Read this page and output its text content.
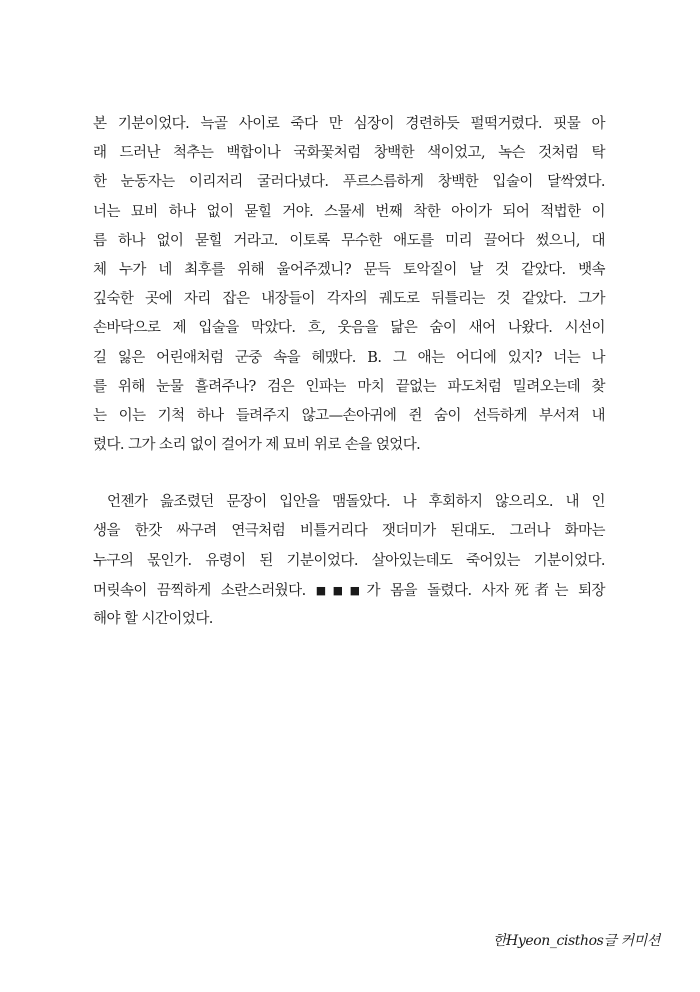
본 기분이었다. 늑골 사이로 죽다 만 심장이 경련하듯 펄떡거렸다. 핏물 아
래 드러난 척추는 백합이나 국화꽃처럼 창백한 색이었고, 녹슨 것처럼 탁
한 눈동자는 이리저리 굴러다녔다. 푸르스름하게 창백한 입술이 달싹였다.
너는 묘비 하나 없이 묻힐 거야. 스물세 번째 착한 아이가 되어 적법한 이
름 하나 없이 묻힐 거라고. 이토록 무수한 애도를 미리 끌어다 썼으니, 대
체 누가 네 최후를 위해 울어주겠니? 문득 토악질이 날 것 같았다. 뱃속
깊숙한 곳에 자리 잡은 내장들이 각자의 궤도로 뒤틀리는 것 같았다. 그가
손바닥으로 제 입술을 막았다. 흐, 웃음을 닮은 숨이 새어 나왔다. 시선이
길 잃은 어린애처럼 군중 속을 헤맸다. B. 그 애는 어디에 있지? 너는 나
를 위해 눈물 흘려주나? 검은 인파는 마치 끝없는 파도처럼 밀려오는데 찾
는 이는 기척 하나 들려주지 않고—손아귀에 쥔 숨이 선득하게 부서져 내
렸다. 그가 소리 없이 걸어가 제 묘비 위로 손을 얹었다.
언젠가 읊조렸던 문장이 입안을 맴돌았다. 나 후회하지 않으리오. 내 인
생을 한갓 싸구려 연극처럼 비틀거리다 잿더미가 된대도. 그러나 화마는
누구의 몫인가. 유령이 된 기분이었다. 살아있는데도 죽어있는 기분이었다.
머릿속이 끔찍하게 소란스러웠다. ■■■가 몸을 돌렸다. 사자死者는 퇴장
해야 할 시간이었다.
한Hyeon_cisthos글 커미션
